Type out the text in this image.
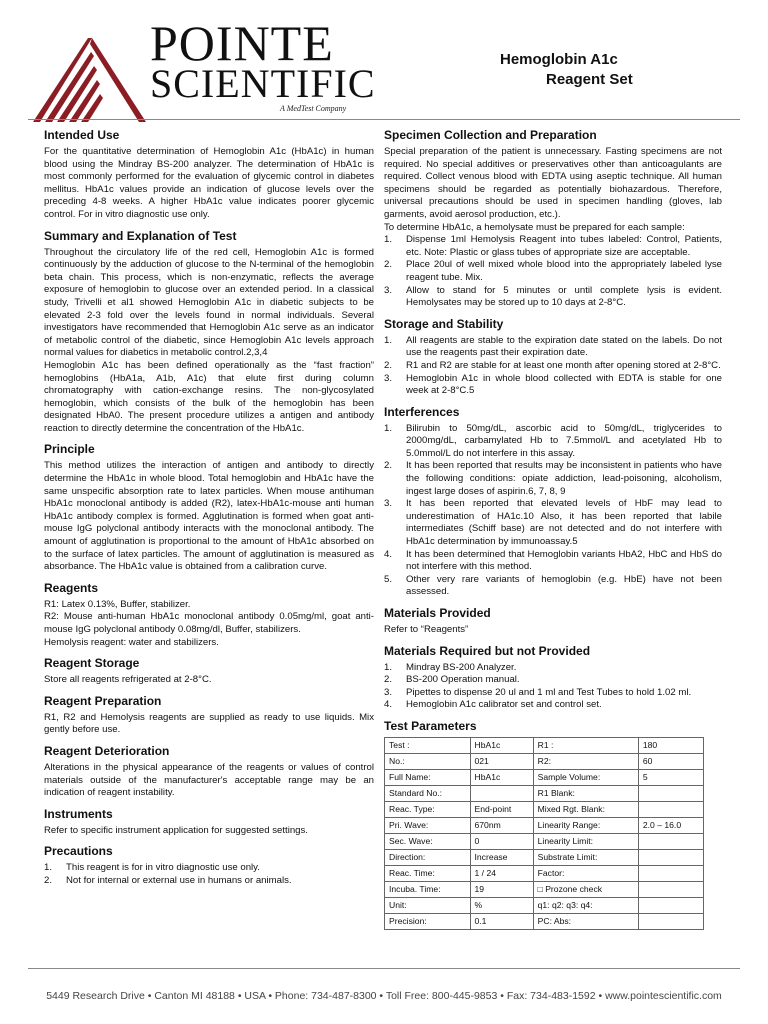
POINTE
SCIENTIFIC
A MedTest Company
Hemoglobin A1c
Reagent Set
Intended Use

For the quantitative determination of Hemoglobin A1c (HbA1c) in human blood using the Mindray BS-200 analyzer. The determination of HbA1c is most commonly performed for the evaluation of glycemic control in diabetes mellitus. HbA1c values provide an indication of glucose levels over the preceding 4-8 weeks. A higher HbA1c value indicates poorer glycemic control. For in vitro diagnostic use only.

Summary and Explanation of Test

Throughout the circulatory life of the red cell, Hemoglobin A1c is formed continuously by the adduction of glucose to the N-terminal of the hemoglobin beta chain. This process, which is non-enzymatic, reflects the average exposure of hemoglobin to glucose over an extended period. In a classical study, Trivelli et al1 showed Hemoglobin A1c in diabetic subjects to be elevated 2-3 fold over the levels found in normal individuals. Several investigators have recommended that Hemoglobin A1c serve as an indicator of metabolic control of the diabetic, since Hemoglobin A1c levels approach normal values for diabetics in metabolic control.2,3,4

Hemoglobin A1c has been defined operationally as the “fast fraction” hemoglobins (HbA1a, A1b, A1c) that elute first during column chromatography with cation-exchange resins. The non-glycosylated hemoglobin, which consists of the bulk of the hemoglobin has been designated HbA0. The present procedure utilizes a antigen and antibody reaction to directly determine the concentration of the HbA1c.

Principle

This method utilizes the interaction of antigen and antibody to directly determine the HbA1c in whole blood. Total hemoglobin and HbA1c have the same unspecific absorption rate to latex particles. When mouse antihuman HbA1c monoclonal antibody is added (R2), latex-HbA1c-mouse anti human HbA1c antibody complex is formed. Agglutination is formed when goat anti-mouse IgG polyclonal antibody interacts with the monoclonal antibody. The amount of agglutination is proportional to the amount of HbA1c absorbed on to the surface of latex particles. The amount of agglutination is measured as absorbance. The HbA1c value is obtained from a calibration curve.

Reagents

R1: Latex 0.13%, Buffer, stabilizer.

R2: Mouse anti-human HbA1c monoclonal antibody 0.05mg/ml, goat anti-mouse IgG polyclonal antibody 0.08mg/dl, Buffer, stabilizers.

Hemolysis reagent: water and stabilizers.

Reagent Storage

Store all reagents refrigerated at 2-8°C.

Reagent Preparation

R1, R2 and Hemolysis reagents are supplied as ready to use liquids. Mix gently before use.

Reagent Deterioration

Alterations in the physical appearance of the reagents or values of control materials outside of the manufacturer's acceptable range may be an indication of reagent instability.

Instruments

Refer to specific instrument application for suggested settings.

Precautions
1. This reagent is for in vitro diagnostic use only.
2. Not for internal or external use in humans or animals.
Specimen Collection and Preparation

Special preparation of the patient is unnecessary. Fasting specimens are not required. No special additives or preservatives other than anticoagulants are required. Collect venous blood with EDTA using aseptic technique. All human specimens should be regarded as potentially biohazardous. Therefore, universal precautions should be used in specimen handling (gloves, lab garments, avoid aerosol production, etc.).

To determine HbA1c, a hemolysate must be prepared for each sample:

1. Dispense 1ml Hemolysis Reagent into tubes labeled: Control, Patients, etc. Note: Plastic or glass tubes of appropriate size are acceptable.
2. Place 20ul of well mixed whole blood into the appropriately labeled lyse reagent tube. Mix.
3. Allow to stand for 5 minutes or until complete lysis is evident. Hemolysates may be stored up to 10 days at 2-8°C.
Storage and Stability
1. All reagents are stable to the expiration date stated on the labels. Do not use the reagents past their expiration date.
2. R1 and R2 are stable for at least one month after opening stored at 2-8°C.
3. Hemoglobin A1c in whole blood collected with EDTA is stable for one week at 2-8°C.5
Interferences
1. Bilirubin to 50mg/dL, ascorbic acid to 50mg/dL, triglycerides to 2000mg/dL, carbamylated Hb to 7.5mmol/L and acetylated Hb to 5.0mmol/L do not interfere in this assay.
2. It has been reported that results may be inconsistent in patients who have the following conditions: opiate addiction, lead-poisoning, alcoholism, ingest large doses of aspirin.6, 7, 8, 9
3. It has been reported that elevated levels of HbF may lead to underestimation of HA1c.10 Also, it has been reported that labile intermediates (Schiff base) are not detected and do not interfere with HbA1c determination by immunoassay.5
4. It has been determined that Hemoglobin variants HbA2, HbC and HbS do not interfere with this method.
5. Other very rare variants of hemoglobin (e.g. HbE) have not been assessed.
Materials Provided

Refer to “Reagents”

Materials Required but not Provided
1. Mindray BS-200 Analyzer.
2. BS-200 Operation manual.
3. Pipettes to dispense 20 ul and 1 ml and Test Tubes to hold 1.02 ml.
4. Hemoglobin A1c calibrator set and control set.
Test Parameters
Test :	HbA1c	R1 :	180
No.:	021	R2:	60
Full Name:	HbA1c	Sample Volume:	5
Standard No.:		R1 Blank:	
Reac. Type:	End-point	Mixed Rgt. Blank:	
Pri. Wave:	670nm	Linearity Range:	2.0 – 16.0
Sec. Wave:	0	Linearity Limit:	
Direction:	Increase	Substrate Limit:	
Reac. Time:	1 / 24	Factor:	
Incuba. Time:	19	□ Prozone check	
Unit:	%	q1: q2: q3: q4:	
Precision:	0.1	PC: Abs:	
5449 Research Drive • Canton MI 48188 • USA • Phone: 734-487-8300 • Toll Free: 800-445-9853 • Fax: 734-483-1592 • www.pointescientific.com
